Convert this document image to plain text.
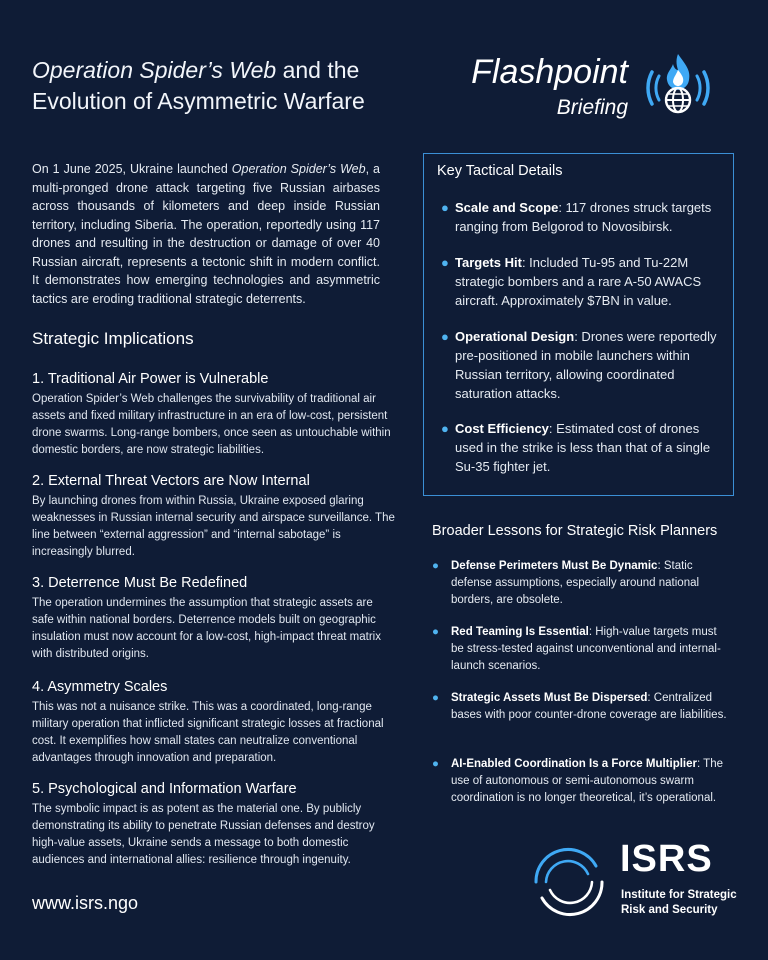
Operation Spider’s Web and the
Evolution of Asymmetric Warfare
Flashpoint
Briefing
On 1 June 2025, Ukraine launched Operation Spider’s Web, a multi-pronged drone attack targeting five Russian airbases across thousands of kilometers and deep inside Russian territory, including Siberia. The operation, reportedly using 117 drones and resulting in the destruction or damage of over 40 Russian aircraft, represents a tectonic shift in modern conflict. It demonstrates how emerging technologies and asymmetric tactics are eroding traditional strategic deterrents.
Strategic Implications
1. Traditional Air Power is Vulnerable

Operation Spider’s Web challenges the survivability of traditional air assets and fixed military infrastructure in an era of low-cost, persistent drone swarms. Long-range bombers, once seen as untouchable within domestic borders, are now strategic liabilities.

2. External Threat Vectors are Now Internal

By launching drones from within Russia, Ukraine exposed glaring weaknesses in Russian internal security and airspace surveillance. The line between “external aggression” and “internal sabotage” is increasingly blurred.

3. Deterrence Must Be Redefined

The operation undermines the assumption that strategic assets are safe within national borders. Deterrence models built on geographic insulation must now account for a low-cost, high-impact threat matrix with distributed origins.

4. Asymmetry Scales

This was not a nuisance strike. This was a coordinated, long-range military operation that inflicted significant strategic losses at fractional cost. It exemplifies how small states can neutralize conventional advantages through innovation and preparation.

5. Psychological and Information Warfare

The symbolic impact is as potent as the material one. By publicly demonstrating its ability to penetrate Russian defenses and destroy high-value assets, Ukraine sends a message to both domestic audiences and international allies: resilience through ingenuity.

www.isrs.ngo
Key Tactical Details
● Scale and Scope: 117 drones struck targets ranging from Belgorod to Novosibirsk.
● Targets Hit: Included Tu-95 and Tu-22M strategic bombers and a rare A-50 AWACS aircraft. Approximately $7BN in value.
● Operational Design: Drones were reportedly pre-positioned in mobile launchers within Russian territory, allowing coordinated saturation attacks.
● Cost Efficiency: Estimated cost of drones used in the strike is less than that of a single Su-35 fighter jet.
Broader Lessons for Strategic Risk Planners
●	Defense Perimeters Must Be Dynamic: Static defense assumptions, especially around national borders, are obsolete.
●	Red Teaming Is Essential: High-value targets must be stress-tested against unconventional and internal-launch scenarios.
●	Strategic Assets Must Be Dispersed: Centralized bases with poor counter-drone coverage are liabilities.
●	AI-Enabled Coordination Is a Force Multiplier: The use of autonomous or semi-autonomous swarm coordination is no longer theoretical, it’s operational.
ISRS
Institute for Strategic
Risk and Security
